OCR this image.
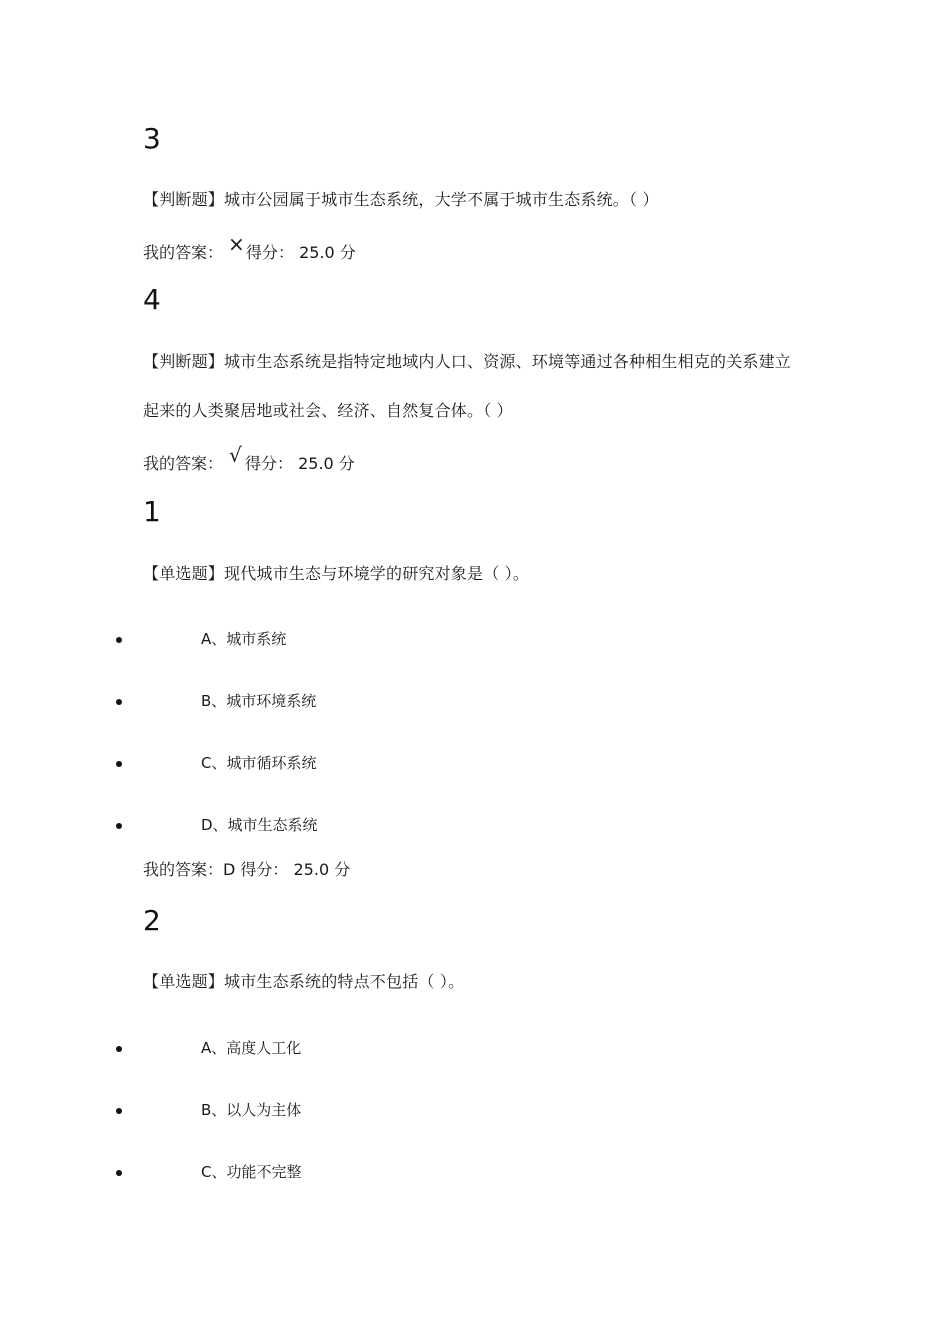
3
【判断题】城市公园属于城市生态系统，大学不属于城市生态系统。（ ）
我的答案： × 得分： 25.0 分
4
【判断题】城市生态系统是指特定地域内人口、资源、环境等通过各种相生相克的关系建立
起来的人类聚居地或社会、经济、自然复合体。（ ）
我的答案： √ 得分： 25.0 分
1
【单选题】现代城市生态与环境学的研究对象是（ ）。
A、城市系统
B、城市环境系统
C、城市循环系统
D、城市生态系统
我的答案：D 得分： 25.0 分
2
【单选题】城市生态系统的特点不包括（ ）。
A、高度人工化
B、以人为主体
C、功能不完整
